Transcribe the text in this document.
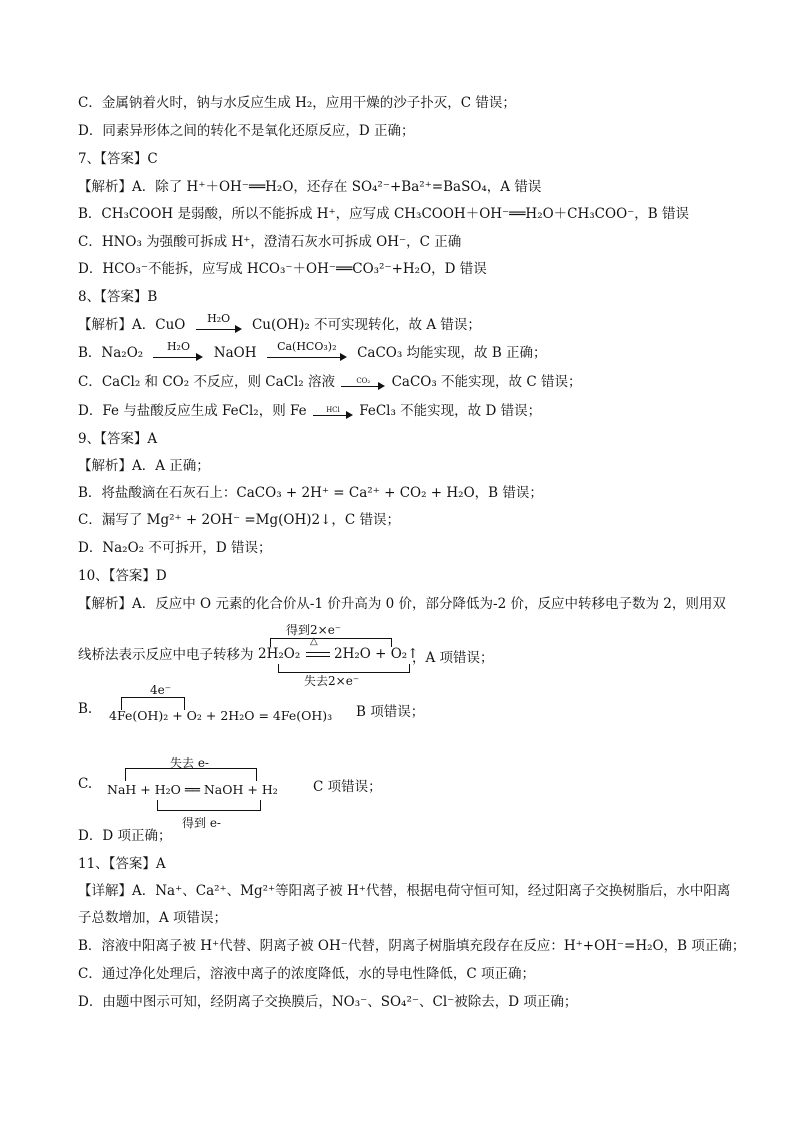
C．金属钠着火时，钠与水反应生成 H₂，应用干燥的沙子扑灭，C 错误；
D．同素异形体之间的转化不是氧化还原反应，D 正确；
7、【答案】C
【解析】A．除了 H⁺＋OH⁻══H₂O，还存在 SO₄²⁻+Ba²⁺=BaSO₄，A 错误
B．CH₃COOH 是弱酸，所以不能拆成 H⁺，应写成 CH₃COOH＋OH⁻══H₂O＋CH₃COO⁻，B 错误
C．HNO₃ 为强酸可拆成 H⁺，澄清石灰水可拆成 OH⁻，C 正确
D．HCO₃⁻不能拆，应写成 HCO₃⁻＋OH⁻══CO₃²⁻+H₂O，D 错误
8、【答案】B
【解析】A．CuO	H₂O	Cu(OH)₂ 不可实现转化，故 A 错误；
B．Na₂O₂	H₂O	NaOH	Ca(HCO₃)₂	CaCO₃ 均能实现，故 B 正确；
C．CaCl₂ 和 CO₂ 不反应，则 CaCl₂ 溶液	CO₂	CaCO₃ 不能实现，故 C 错误；
D．Fe 与盐酸反应生成 FeCl₂，则 Fe	HCl	FeCl₃ 不能实现，故 D 错误；
9、【答案】A
【解析】A．A 正确；
B．将盐酸滴在石灰石上：CaCO₃ + 2H⁺ = Ca²⁺ + CO₂ + H₂O，B 错误；
C．漏写了 Mg²⁺ + 2OH⁻ =Mg(OH)2↓，C 错误；
D．Na₂O₂ 不可拆开，D 错误；
10、【答案】D
【解析】A．反应中 O 元素的化合价从-1 价升高为 0 价，部分降低为-2 价，反应中转移电子数为 2，则用双
线桥法表示反应中电子转移为
得到2×e⁻
2H₂O₂
△
2H₂O + O₂↑
失去2×e⁻
，A 项错误；
B.
4e⁻
4Fe(OH)₂ + O₂ + 2H₂O = 4Fe(OH)₃ B 项错误；
C.
失去 e-
NaH + H₂O ══ NaOH + H₂
得到 e-
C 项错误；
D．D 项正确；
11、【答案】A
【详解】A．Na⁺、Ca²⁺、Mg²⁺等阳离子被 H⁺代替，根据电荷守恒可知，经过阳离子交换树脂后，水中阳离
子总数增加，A 项错误；
B．溶液中阳离子被 H⁺代替、阴离子被 OH⁻代替，阴离子树脂填充段存在反应：H⁺+OH⁻=H₂O，B 项正确；
C．通过净化处理后，溶液中离子的浓度降低，水的导电性降低，C 项正确；
D．由题中图示可知，经阴离子交换膜后，NO₃⁻、SO₄²⁻、Cl⁻被除去，D 项正确；
